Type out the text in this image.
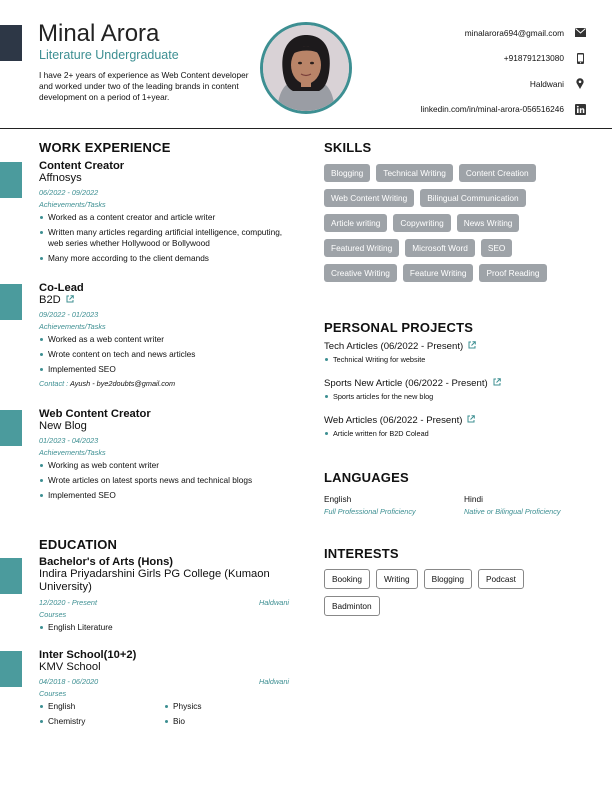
Minal Arora
Literature Undergraduate
I have 2+ years of experience as Web Content developer and worked under two of the leading brands in content development on a period of 1+year.
minalarora694@gmail.com
+918791213080
Haldwani
linkedin.com/in/minal-arora-056516246
WORK EXPERIENCE
Content Creator
Affnosys
06/2022 - 09/2022
Achievements/Tasks
Worked as a content creator and article writer
Written many articles regarding artificial intelligence, computing, web series whether Hollywood or Bollywood
Many more according to the client demands
Co-Lead
B2D
09/2022 - 01/2023
Achievements/Tasks
Worked as a web content writer
Wrote content on tech and news articles
Implemented SEO
Contact : Ayush - bye2doubts@gmail.com
Web Content Creator
New Blog
01/2023 - 04/2023
Achievements/Tasks
Working as web content writer
Wrote articles on latest sports news and technical blogs
Implemented SEO
EDUCATION
Bachelor's of Arts (Hons)
Indira Priyadarshini Girls PG College (Kumaon University)
12/2020 - Present	Haldwani
Courses
English Literature
Inter School(10+2)
KMV School
04/2018 - 06/2020	Haldwani
Courses
English	Physics
Chemistry	Bio
SKILLS
Blogging	Technical Writing	Content Creation
Web Content Writing	Bilingual Communication
Article writing	Copywriting	News Writing
Featured Writing	Microsoft Word	SEO
Creative Writing	Feature Writing	Proof Reading
PERSONAL PROJECTS
Tech Articles (06/2022 - Present)
Technical Writing for website
Sports New Article (06/2022 - Present)
Sports articles for the new blog
Web Articles (06/2022 - Present)
Article written for B2D Colead
LANGUAGES
English
Full Professional Proficiency
Hindi
Native or Bilingual Proficiency
INTERESTS
Booking	Writing	Blogging	Podcast
Badminton
